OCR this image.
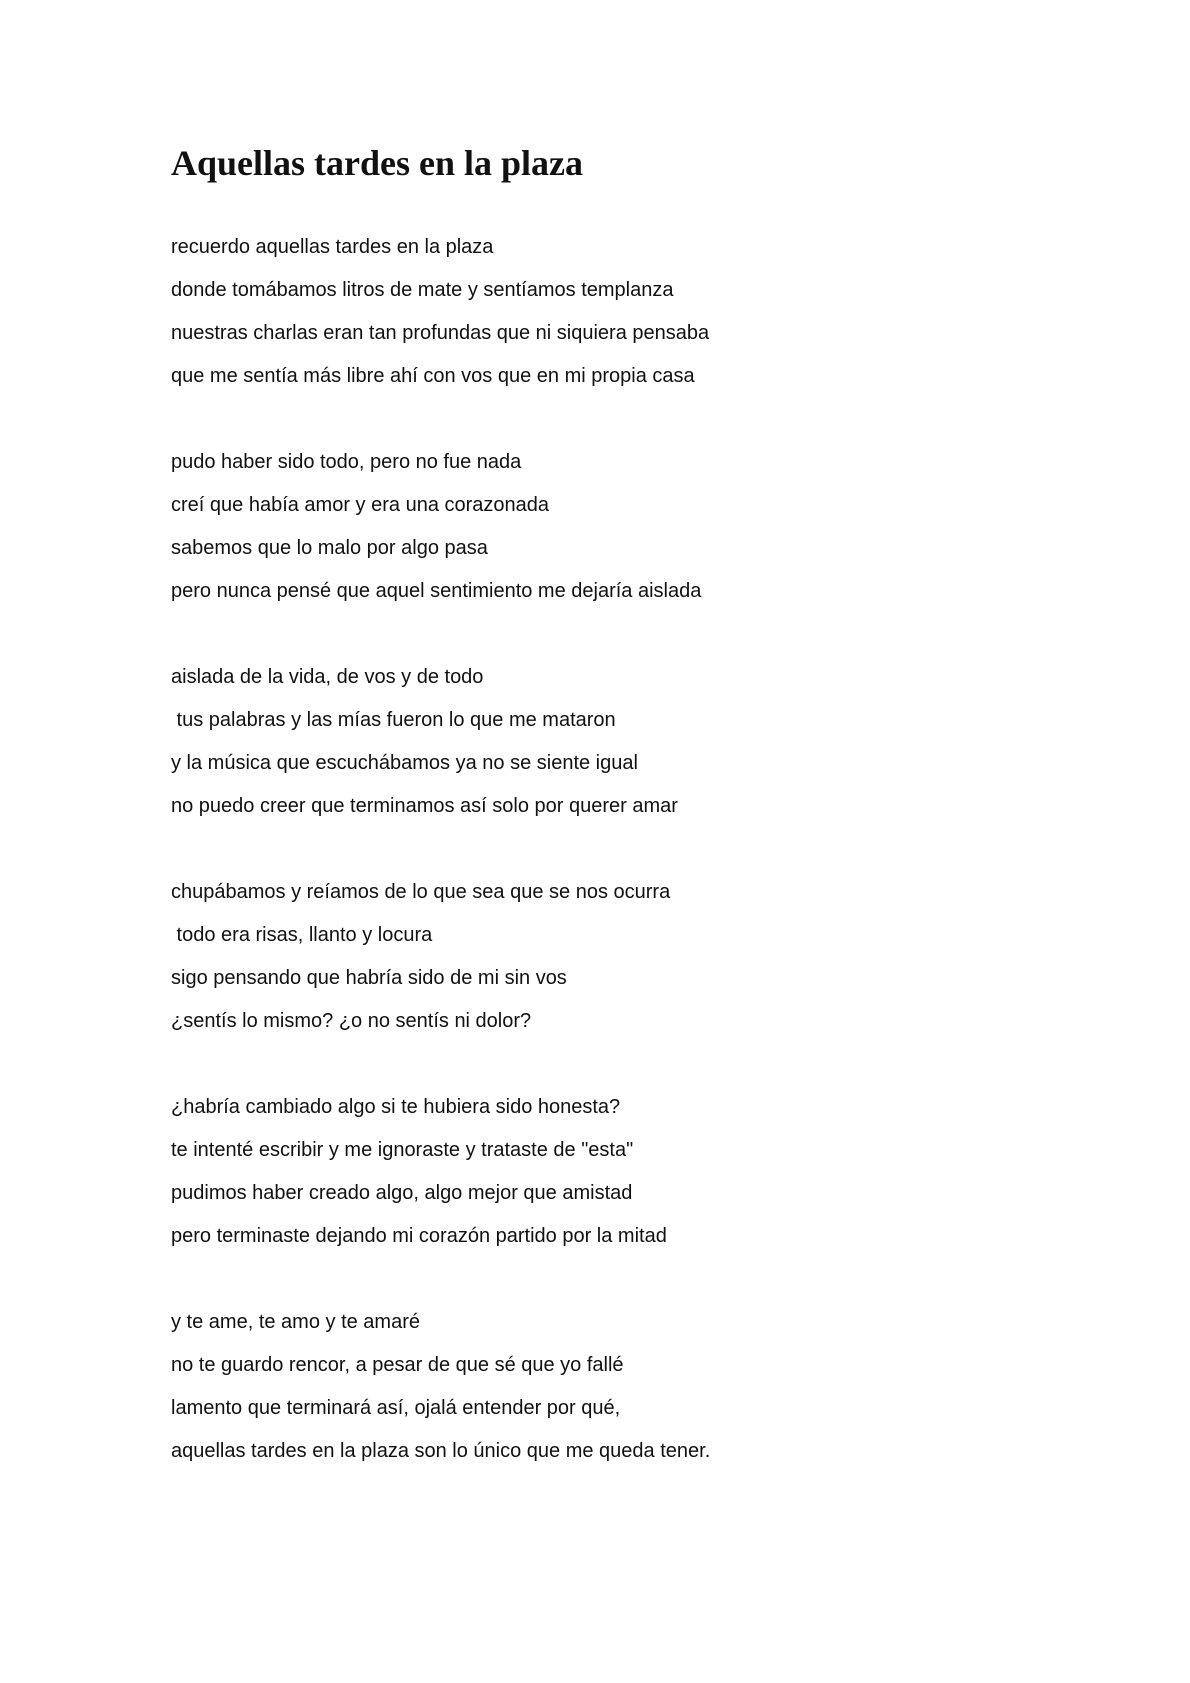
Aquellas tardes en la plaza
recuerdo aquellas tardes en la plaza
donde tomábamos litros de mate y sentíamos templanza
nuestras charlas eran tan profundas que ni siquiera pensaba
que me sentía más libre ahí con vos que en mi propia casa
pudo haber sido todo, pero no fue nada
creí que había amor y era una corazonada
sabemos que lo malo por algo pasa
pero nunca pensé que aquel sentimiento me dejaría aislada
aislada de la vida, de vos y de todo
tus palabras y las mías fueron lo que me mataron
y la música que escuchábamos ya no se siente igual
no puedo creer que terminamos así solo por querer amar
chupábamos y reíamos de lo que sea que se nos ocurra
todo era risas, llanto y locura
sigo pensando que habría sido de mi sin vos
¿sentís lo mismo? ¿o no sentís ni dolor?
¿habría cambiado algo si te hubiera sido honesta?
te intenté escribir y me ignoraste y trataste de "esta"
pudimos haber creado algo, algo mejor que amistad
pero terminaste dejando mi corazón partido por la mitad
y te ame, te amo y te amaré
no te guardo rencor, a pesar de que sé que yo fallé
lamento que terminará así, ojalá entender por qué,
aquellas tardes en la plaza son lo único que me queda tener.
